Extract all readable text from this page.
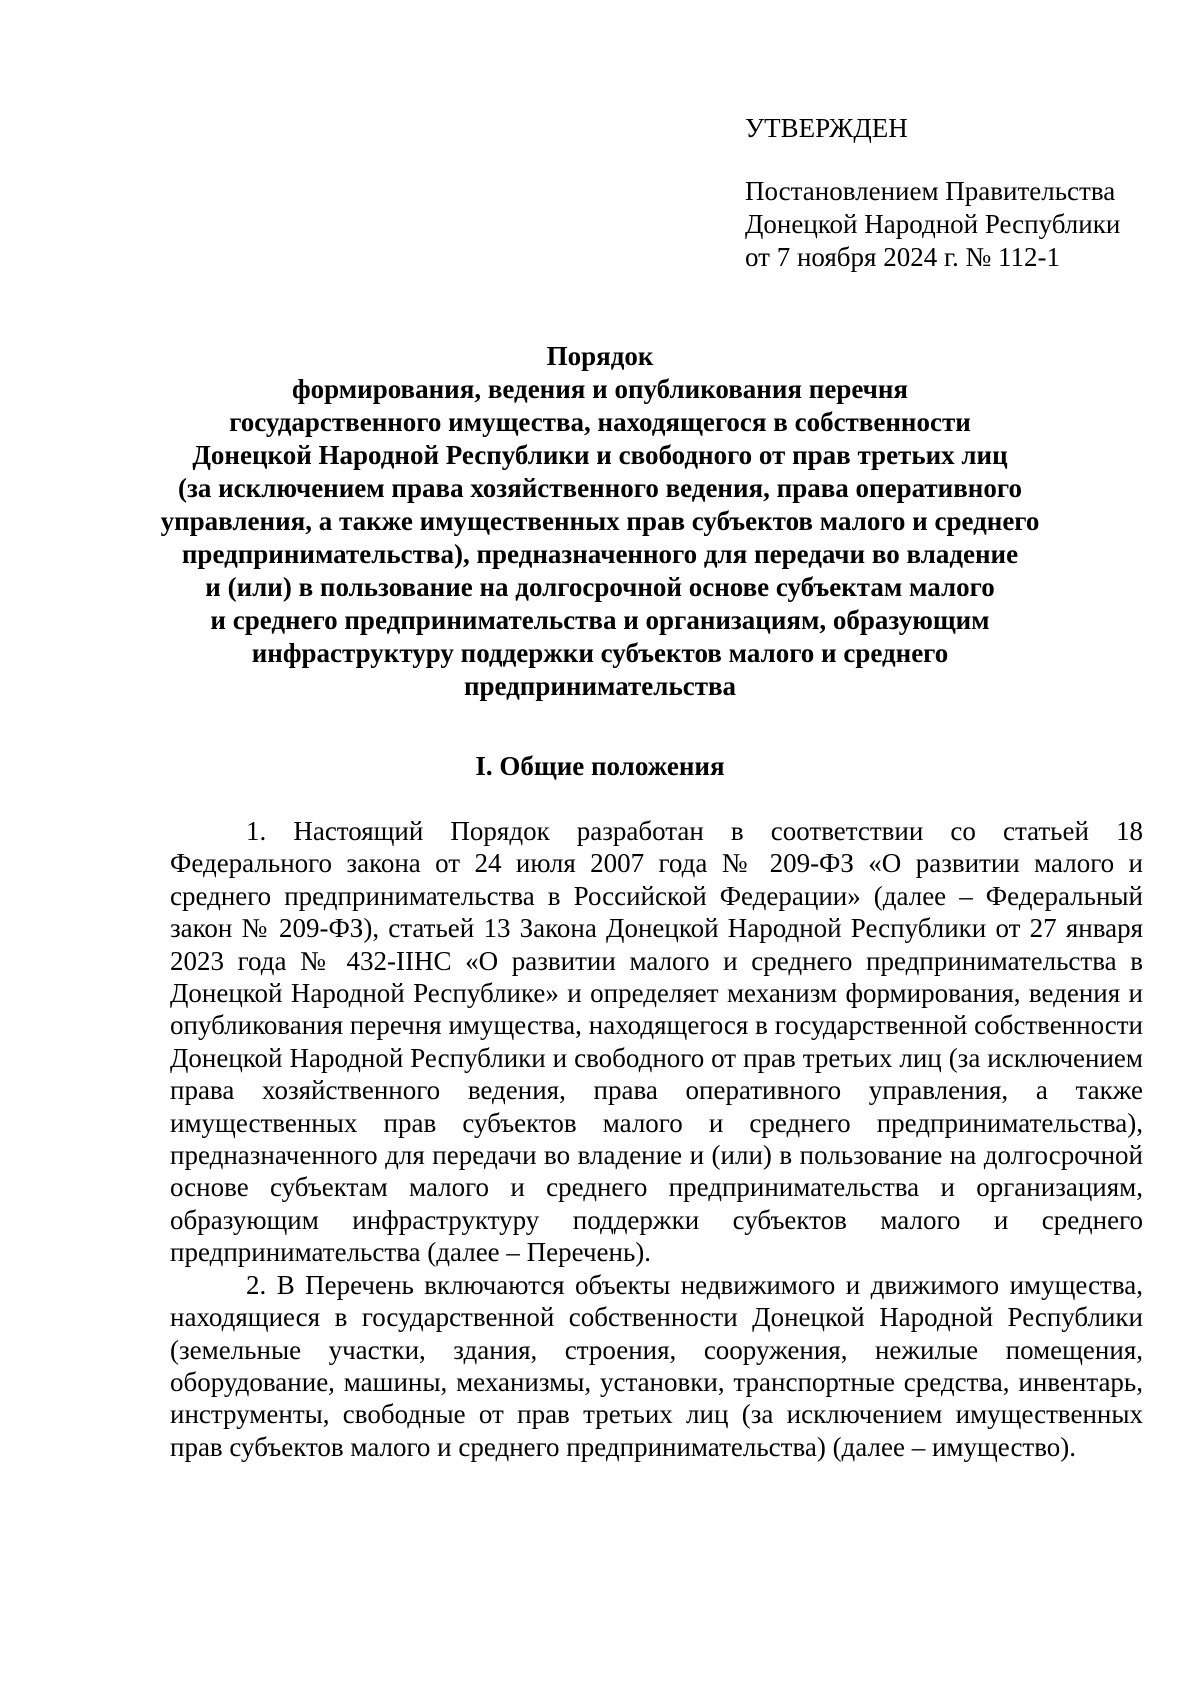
УТВЕРЖДЕН
Постановлением Правительства
Донецкой Народной Республики
от 7 ноября 2024 г. № 112-1
Порядок
формирования, ведения и опубликования перечня
государственного имущества, находящегося в собственности
Донецкой Народной Республики и свободного от прав третьих лиц
(за исключением права хозяйственного ведения, права оперативного
управления, а также имущественных прав субъектов малого и среднего
предпринимательства), предназначенного для передачи во владение
и (или) в пользование на долгосрочной основе субъектам малого
и среднего предпринимательства и организациям, образующим
инфраструктуру поддержки субъектов малого и среднего
предпринимательства
I. Общие положения

1. Настоящий Порядок разработан в соответствии со статьей 18 Федерального закона от 24 июля 2007 года № 209-ФЗ «О развитии малого и среднего предпринимательства в Российской Федерации» (далее – Федеральный закон № 209-ФЗ), статьей 13 Закона Донецкой Народной Республики от 27 января 2023 года № 432-IIНС «О развитии малого и среднего предпринимательства в Донецкой Народной Республике» и определяет механизм формирования, ведения и опубликования перечня имущества, находящегося в государственной собственности Донецкой Народной Республики и свободного от прав третьих лиц (за исключением права хозяйственного ведения, права оперативного управления, а также имущественных прав субъектов малого и среднего предпринимательства), предназначенного для передачи во владение и (или) в пользование на долгосрочной основе субъектам малого и среднего предпринимательства и организациям, образующим инфраструктуру поддержки субъектов малого и среднего предпринимательства (далее – Перечень).

2. В Перечень включаются объекты недвижимого и движимого имущества, находящиеся в государственной собственности Донецкой Народной Республики (земельные участки, здания, строения, сооружения, нежилые помещения, оборудование, машины, механизмы, установки, транспортные средства, инвентарь, инструменты, свободные от прав третьих лиц (за исключением имущественных прав субъектов малого и среднего предпринимательства) (далее – имущество).
